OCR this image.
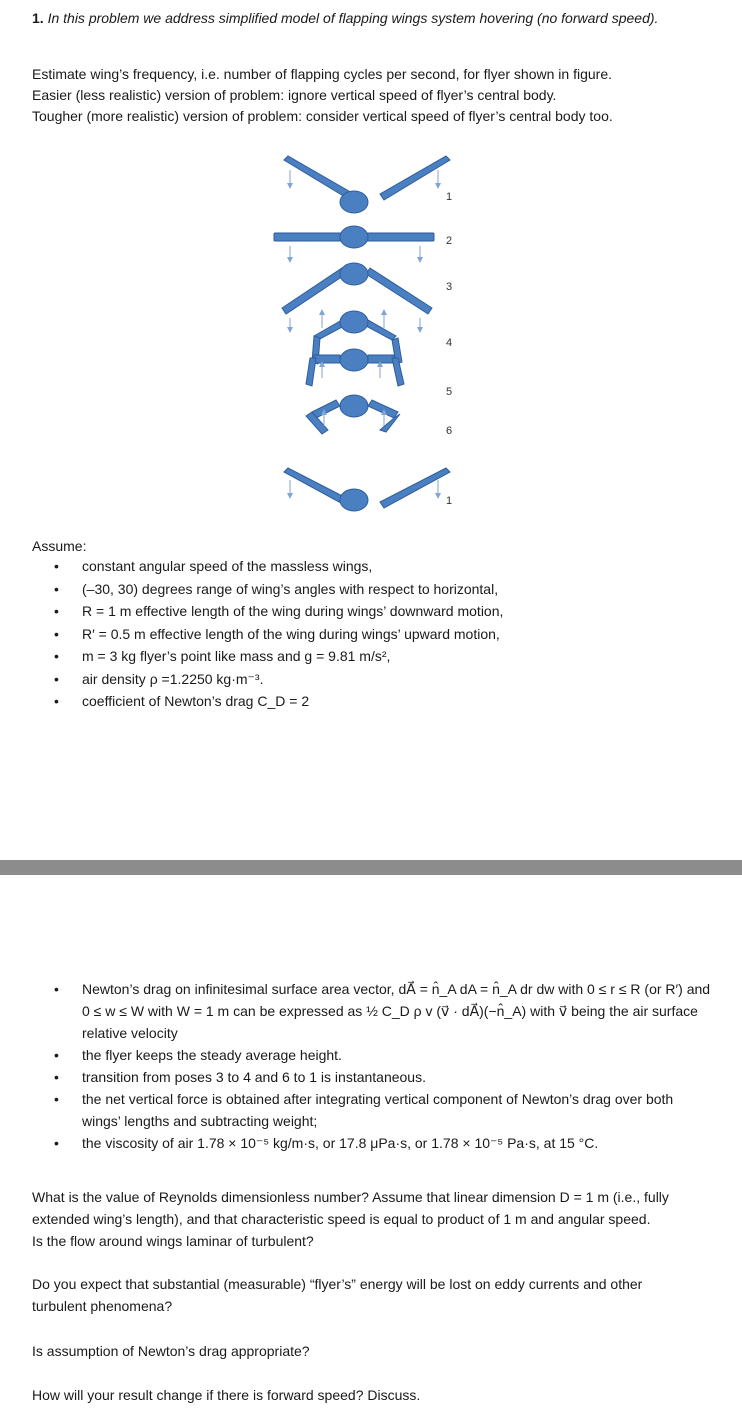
1. In this problem we address simplified model of flapping wings system hovering (no forward speed).
Estimate wing’s frequency, i.e. number of flapping cycles per second, for flyer shown in figure.
Easier (less realistic) version of problem: ignore vertical speed of flyer’s central body.
Tougher (more realistic) version of problem: consider vertical speed of flyer’s central body too.
1
2
3
4
5
6
1
Assume:
• constant angular speed of the massless wings,
• (–30, 30) degrees range of wing’s angles with respect to horizontal,
• R = 1 m effective length of the wing during wings’ downward motion,
• R′ = 0.5 m effective length of the wing during wings’ upward motion,
• m = 3 kg flyer’s point like mass and g = 9.81 m/s²,
• air density ρ =1.2250 kg·m⁻³.
• coefficient of Newton’s drag C_D = 2
• Newton’s drag on infinitesimal surface area vector, dA⃗ = n̂_A dA = n̂_A dr dw with 0 ≤ r ≤ R (or R′) and 0 ≤ w ≤ W with W = 1 m can be expressed as ½ C_D ρ v (v⃗ · dA⃗)(−n̂_A) with v⃗ being the air surface relative velocity
• the flyer keeps the steady average height.
• transition from poses 3 to 4 and 6 to 1 is instantaneous.
• the net vertical force is obtained after integrating vertical component of Newton’s drag over both wings’ lengths and subtracting weight;
• the viscosity of air 1.78 × 10⁻⁵ kg/m·s, or 17.8 μPa·s, or 1.78 × 10⁻⁵ Pa·s, at 15 °C.
What is the value of Reynolds dimensionless number? Assume that linear dimension D = 1 m (i.e., fully
extended wing’s length), and that characteristic speed is equal to product of 1 m and angular speed.
Is the flow around wings laminar of turbulent?
Do you expect that substantial (measurable) “flyer’s” energy will be lost on eddy currents and other
turbulent phenomena?
Is assumption of Newton’s drag appropriate?
How will your result change if there is forward speed? Discuss.
